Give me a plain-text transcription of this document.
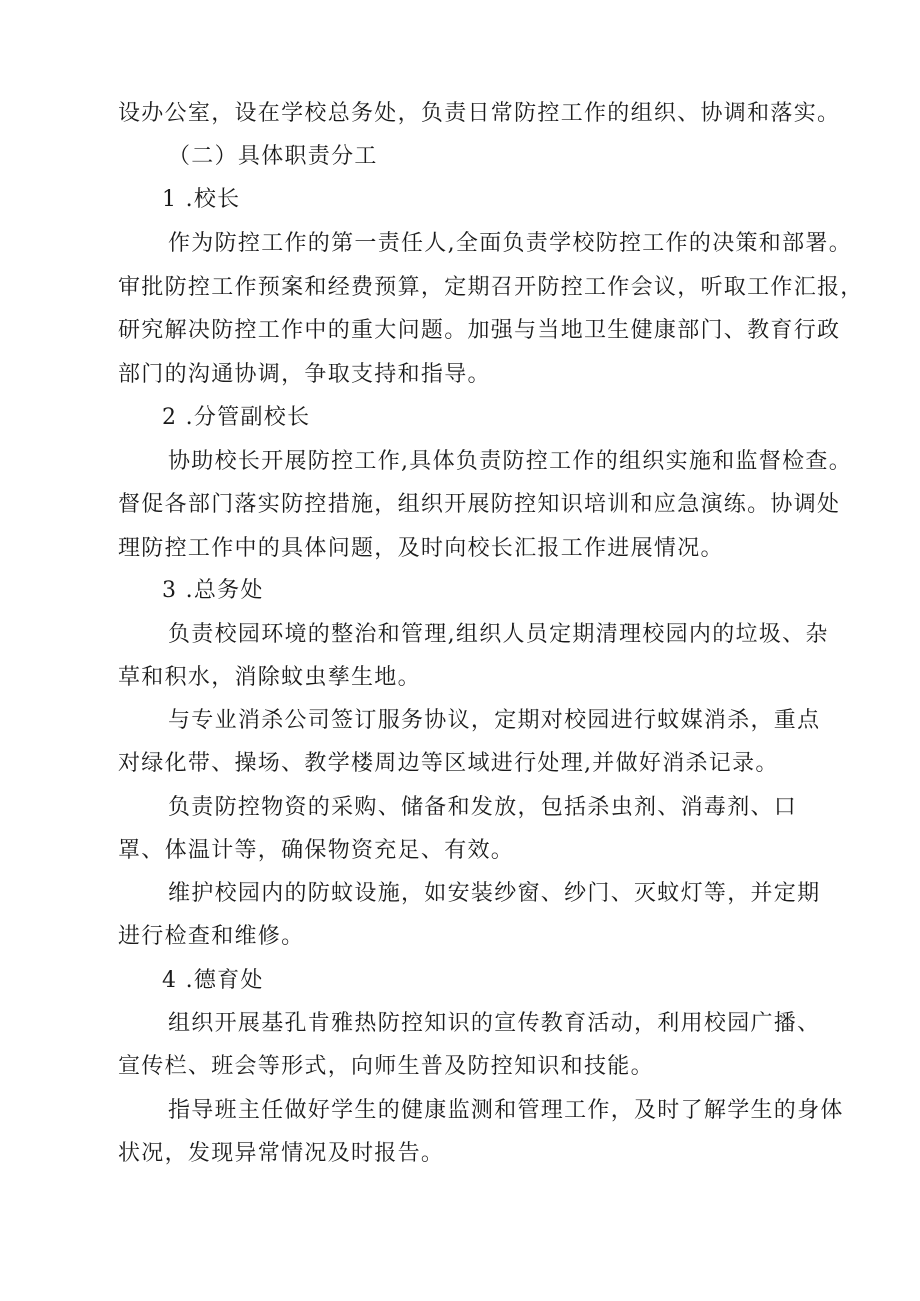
设办公室，设在学校总务处，负责日常防控工作的组织、协调和落实。
（二）具体职责分工
1 .校长
作为防控工作的第一责任人,全面负责学校防控工作的决策和部署。
审批防控工作预案和经费预算，定期召开防控工作会议，听取工作汇报，
研究解决防控工作中的重大问题。加强与当地卫生健康部门、教育行政
部门的沟通协调，争取支持和指导。
2 .分管副校长
协助校长开展防控工作,具体负责防控工作的组织实施和监督检查。
督促各部门落实防控措施，组织开展防控知识培训和应急演练。协调处
理防控工作中的具体问题，及时向校长汇报工作进展情况。
3 .总务处
负责校园环境的整治和管理,组织人员定期清理校园内的垃圾、杂
草和积水，消除蚊虫孳生地。
与专业消杀公司签订服务协议，定期对校园进行蚊媒消杀，重点
对绿化带、操场、教学楼周边等区域进行处理,并做好消杀记录。
负责防控物资的采购、储备和发放，包括杀虫剂、消毒剂、口
罩、体温计等，确保物资充足、有效。
维护校园内的防蚊设施，如安装纱窗、纱门、灭蚊灯等，并定期
进行检查和维修。
4 .德育处
组织开展基孔肯雅热防控知识的宣传教育活动，利用校园广播、
宣传栏、班会等形式，向师生普及防控知识和技能。
指导班主任做好学生的健康监测和管理工作，及时了解学生的身体
状况，发现异常情况及时报告。
